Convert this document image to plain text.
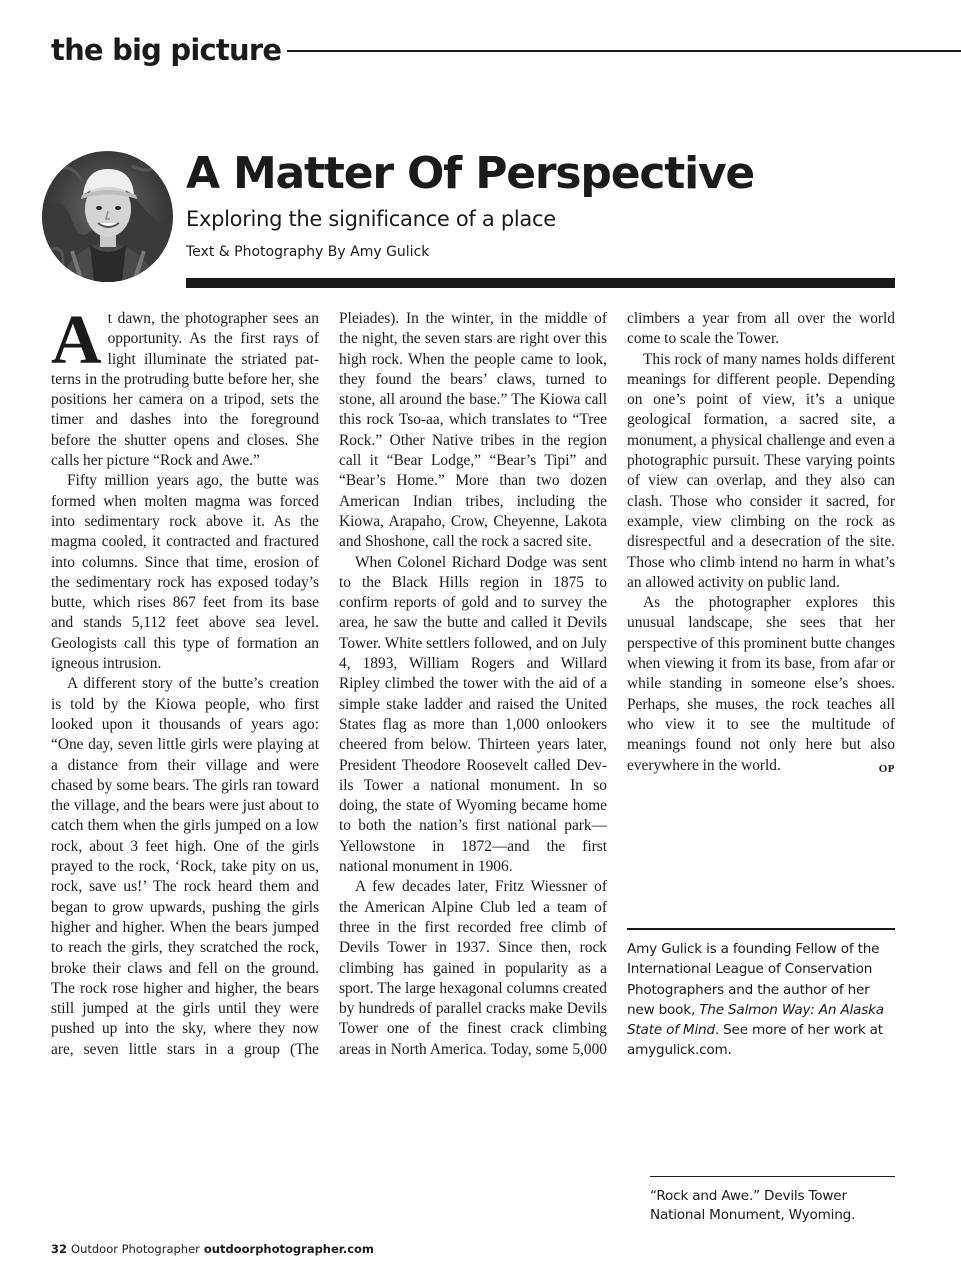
the big picture
A Matter Of Perspective
Exploring the significance of a place
Text & Photography By Amy Gulick

At dawn, the photographer sees an opportunity. As the first rays of light illuminate the striated patterns in the protruding butte before her, she positions her camera on a tripod, sets the timer and dashes into the foreground before the shutter opens and closes. She calls her picture “Rock and Awe.”

Fifty million years ago, the butte was formed when molten magma was forced into sedimentary rock above it. As the magma cooled, it contracted and fractured into columns. Since that time, erosion of the sedimentary rock has exposed today’s butte, which rises 867 feet from its base and stands 5,112 feet above sea level. Geologists call this type of formation an igneous intrusion.

A different story of the butte’s creation is told by the Kiowa people, who first looked upon it thousands of years ago: “One day, seven little girls were playing at a distance from their village and were chased by some bears. The girls ran toward the village, and the bears were just about to catch them when the girls jumped on a low rock, about 3 feet high. One of the girls prayed to the rock, ‘Rock, take pity on us, rock, save us!’ The rock heard them and began to grow upwards, pushing the girls higher and higher. When the bears jumped to reach the girls, they scratched the rock, broke their claws and fell on the ground. The rock rose higher and higher, the bears still jumped at the girls until they were pushed up into the sky, where they now are, seven little stars in a group (The

Pleiades). In the winter, in the middle of the night, the seven stars are right over this high rock. When the people came to look, they found the bears’ claws, turned to stone, all around the base.” The Kiowa call this rock Tso-aa, which translates to “Tree Rock.” Other Native tribes in the region call it “Bear Lodge,” “Bear’s Tipi” and “Bear’s Home.” More than two dozen American Indian tribes, including the Kiowa, Arapaho, Crow, Cheyenne, Lakota and Shoshone, call the rock a sacred site.

When Colonel Richard Dodge was sent to the Black Hills region in 1875 to confirm reports of gold and to survey the area, he saw the butte and called it Devils Tower. White settlers followed, and on July 4, 1893, William Rogers and Willard Ripley climbed the tower with the aid of a simple stake ladder and raised the United States flag as more than 1,000 onlookers cheered from below. Thirteen years later, President Theodore Roosevelt called Devils Tower a national monument. In so doing, the state of Wyoming became home to both the nation’s first national park—Yellowstone in 1872—and the first national monument in 1906.

A few decades later, Fritz Wiessner of the American Alpine Club led a team of three in the first recorded free climb of Devils Tower in 1937. Since then, rock climbing has gained in popularity as a sport. The large hexagonal columns created by hundreds of parallel cracks make Devils Tower one of the finest crack climbing areas in North America. Today, some 5,000

climbers a year from all over the world come to scale the Tower.

This rock of many names holds different meanings for different people. Depending on one’s point of view, it’s a unique geological formation, a sacred site, a monument, a physical challenge and even a photographic pursuit. These varying points of view can overlap, and they also can clash. Those who consider it sacred, for example, view climbing on the rock as disrespectful and a desecration of the site. Those who climb intend no harm in what’s an allowed activity on public land.

As the photographer explores this unusual landscape, she sees that her perspective of this prominent butte changes when viewing it from its base, from afar or while standing in someone else’s shoes. Perhaps, she muses, the rock teaches all who view it to see the multitude of meanings found not only here but also everywhere in the world.	OP

Amy Gulick is a founding Fellow of the International League of Conservation Photographers and the author of her new book, The Salmon Way: An Alaska State of Mind. See more of her work at amygulick.com.

“Rock and Awe.” Devils Tower National Monument, Wyoming.

32 Outdoor Photographer outdoorphotographer.com
